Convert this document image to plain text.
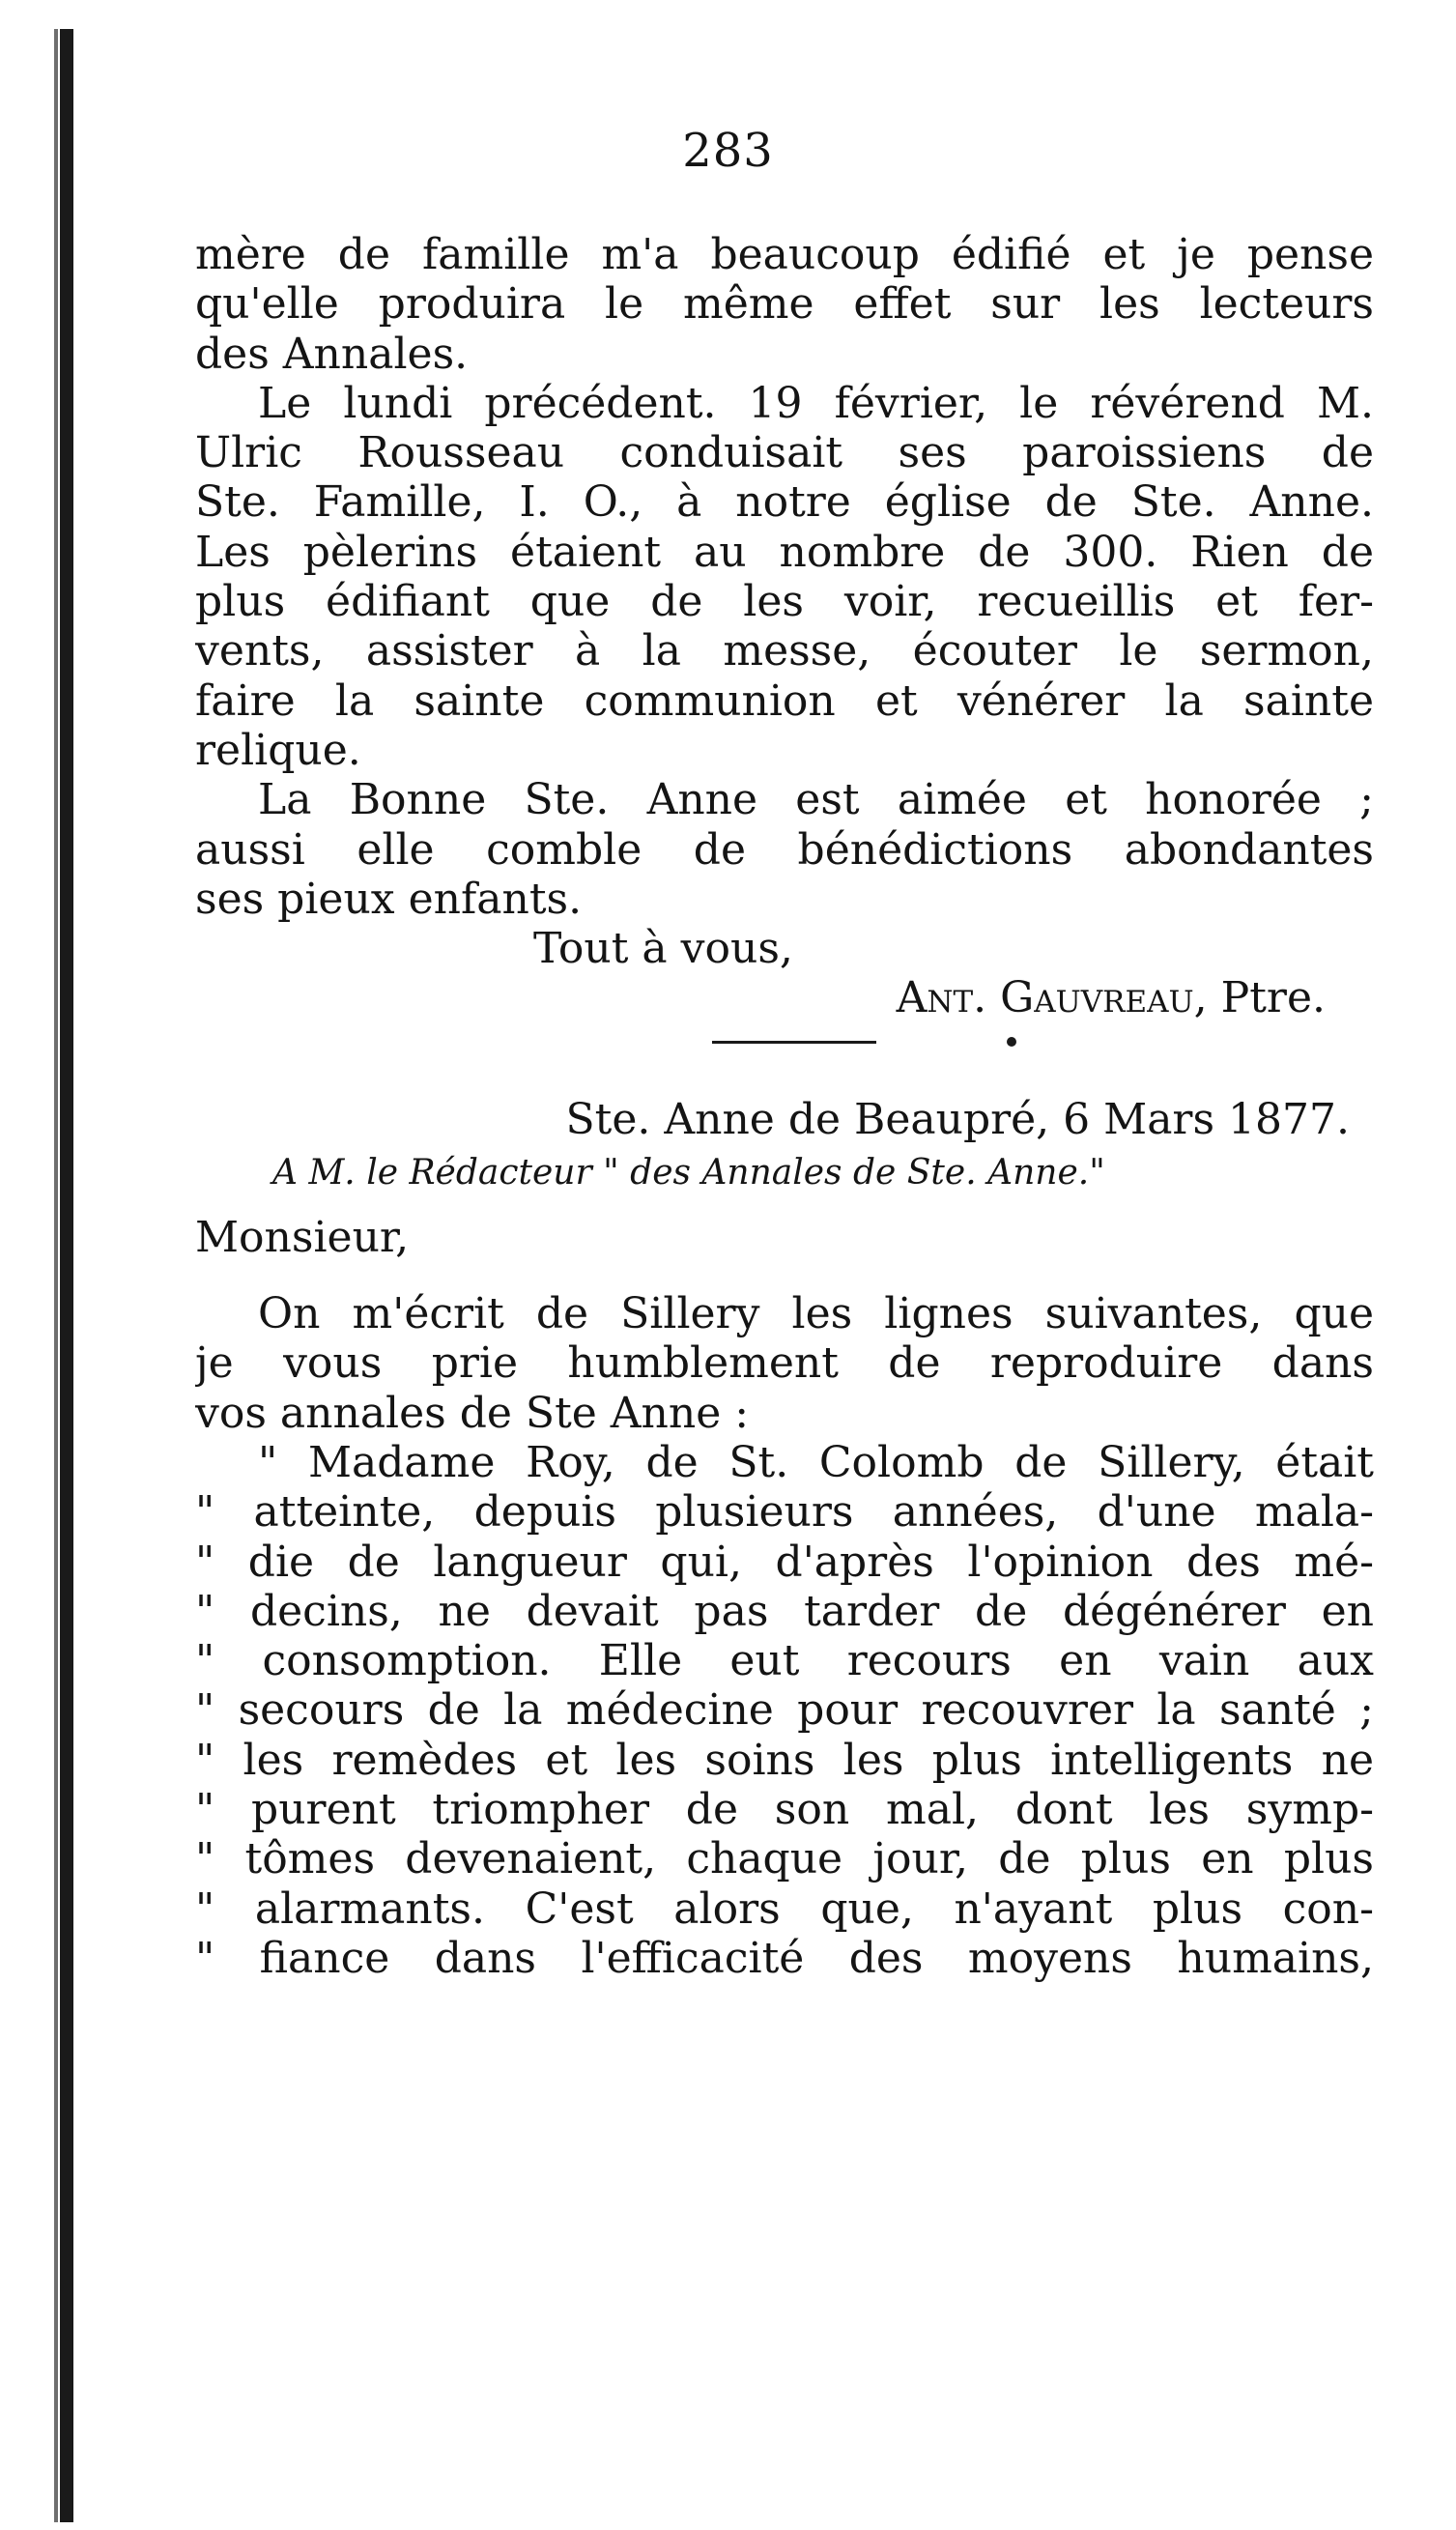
283
mère de famille m'a beaucoup édifié et je pense
qu'elle produira le même effet sur les lecteurs
des Annales.
Le lundi précédent. 19 février, le révérend M.
Ulric Rousseau conduisait ses paroissiens de
Ste. Famille, I. O., à notre église de Ste. Anne.
Les pèlerins étaient au nombre de 300. Rien de
plus édifiant que de les voir, recueillis et fer-
vents, assister à la messe, écouter le sermon,
faire la sainte communion et vénérer la sainte
relique.
La Bonne Ste. Anne est aimée et honorée ;
aussi elle comble de bénédictions abondantes
ses pieux enfants.
Tout à vous,
Ant. Gauvreau, Ptre.
Ste. Anne de Beaupré, 6 Mars 1877.
A M. le Rédacteur " des Annales de Ste. Anne."
Monsieur,
On m'écrit de Sillery les lignes suivantes, que
je vous prie humblement de reproduire dans
vos annales de Ste Anne :
" Madame Roy, de St. Colomb de Sillery, était
" atteinte, depuis plusieurs années, d'une mala-
" die de langueur qui, d'après l'opinion des mé-
" decins, ne devait pas tarder de dégénérer en
" consomption. Elle eut recours en vain aux
" secours de la médecine pour recouvrer la santé ;
" les remèdes et les soins les plus intelligents ne
" purent triompher de son mal, dont les symp-
" tômes devenaient, chaque jour, de plus en plus
" alarmants. C'est alors que, n'ayant plus con-
" fiance dans l'efficacité des moyens humains,
